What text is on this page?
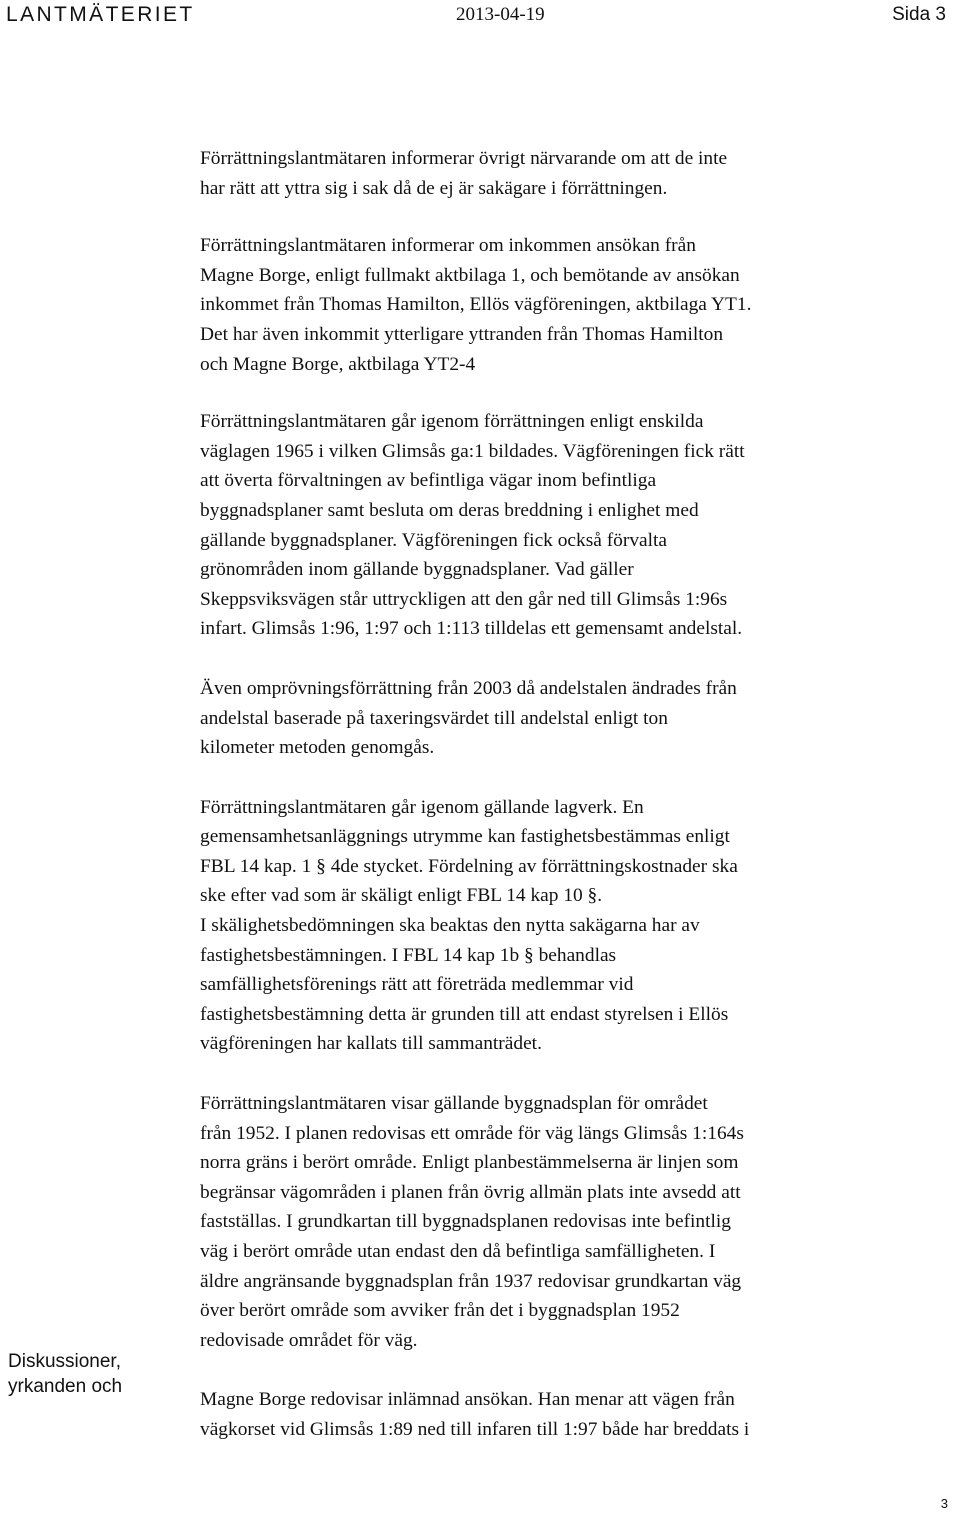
LANTMÄTERIET	2013-04-19	Sida 3

Förrättningslantmätaren informerar övrigt närvarande om att de inte
har rätt att yttra sig i sak då de ej är sakägare i förrättningen.

Förrättningslantmätaren informerar om inkommen ansökan från
Magne Borge, enligt fullmakt aktbilaga 1, och bemötande av ansökan
inkommet från Thomas Hamilton, Ellös vägföreningen, aktbilaga YT1.
Det har även inkommit ytterligare yttranden från Thomas Hamilton
och Magne Borge, aktbilaga YT2-4

Förrättningslantmätaren går igenom förrättningen enligt enskilda
väglagen 1965 i vilken Glimsås ga:1 bildades. Vägföreningen fick rätt
att överta förvaltningen av befintliga vägar inom befintliga
byggnadsplaner samt besluta om deras breddning i enlighet med
gällande byggnadsplaner. Vägföreningen fick också förvalta
grönområden inom gällande byggnadsplaner. Vad gäller
Skeppsviksvägen står uttryckligen att den går ned till Glimsås 1:96s
infart. Glimsås 1:96, 1:97 och 1:113 tilldelas ett gemensamt andelstal.

Även omprövningsförrättning från 2003 då andelstalen ändrades från
andelstal baserade på taxeringsvärdet till andelstal enligt ton
kilometer metoden genomgås.

Förrättningslantmätaren går igenom gällande lagverk. En
gemensamhetsanläggnings utrymme kan fastighetsbestämmas enligt
FBL 14 kap. 1 § 4de stycket. Fördelning av förrättningskostnader ska
ske efter vad som är skäligt enligt FBL 14 kap 10 §.

I skälighetsbedömningen ska beaktas den nytta sakägarna har av
fastighetsbestämningen. I FBL 14 kap 1b § behandlas
samfällighetsförenings rätt att företräda medlemmar vid
fastighetsbestämning detta är grunden till att endast styrelsen i Ellös
vägföreningen har kallats till sammanträdet.

Förrättningslantmätaren visar gällande byggnadsplan för området
från 1952. I planen redovisas ett område för väg längs Glimsås 1:164s
norra gräns i berört område. Enligt planbestämmelserna är linjen som
begränsar vägområden i planen från övrig allmän plats inte avsedd att
fastställas. I grundkartan till byggnadsplanen redovisas inte befintlig
väg i berört område utan endast den då befintliga samfälligheten. I
äldre angränsande byggnadsplan från 1937 redovisar grundkartan väg
över berört område som avviker från det i byggnadsplan 1952
redovisade området för väg.

Magne Borge redovisar inlämnad ansökan. Han menar att vägen från
vägkorset vid Glimsås 1:89 ned till infaren till 1:97 både har breddats i

Diskussioner,
yrkanden och
3
